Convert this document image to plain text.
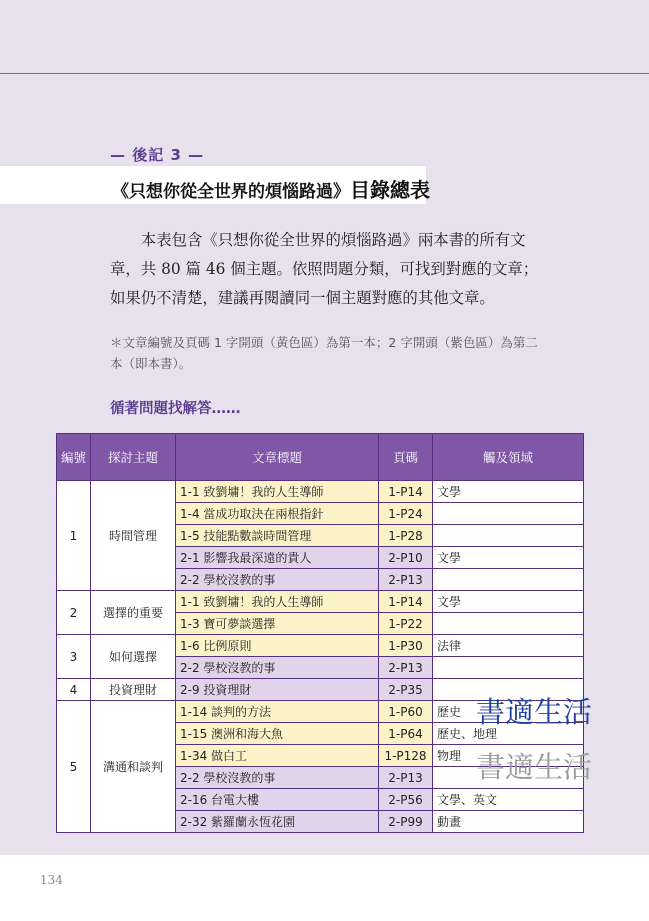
— 後記 3 —
《只想你從全世界的煩惱路過》目錄總表

本表包含《只想你從全世界的煩惱路過》兩本書的所有文章，共 80 篇 46 個主題。依照問題分類，可找到對應的文章；如果仍不清楚，建議再閱讀同一個主題對應的其他文章。

＊文章編號及頁碼 1 字開頭（黃色區）為第一本；2 字開頭（紫色區）為第二本（即本書）。

循著問題找解答……
編號	探討主題	文章標題	頁碼	觸及領域
1	時間管理	1-1 致劉墉！我的人生導師	1-P14	文學
		1-4 當成功取決在兩根指針	1-P24	
		1-5 技能點數談時間管理	1-P28	
		2-1 影響我最深遠的貴人	2-P10	文學
		2-2 學校沒教的事	2-P13	
2	選擇的重要	1-1 致劉墉！我的人生導師	1-P14	文學
		1-3 寶可夢談選擇	1-P22	
3	如何選擇	1-6 比例原則	1-P30	法律
		2-2 學校沒教的事	2-P13	
4	投資理財	2-9 投資理財	2-P35	
5	溝通和談判	1-14 談判的方法	1-P60	歷史
		1-15 澳洲和海大魚	1-P64	歷史、地理
		1-34 做白工	1-P128	物理
		2-2 學校沒教的事	2-P13	
		2-16 台電大樓	2-P56	文學、英文
		2-32 紫羅蘭永恆花園	2-P99	動畫
書適生活
書適生活
134
